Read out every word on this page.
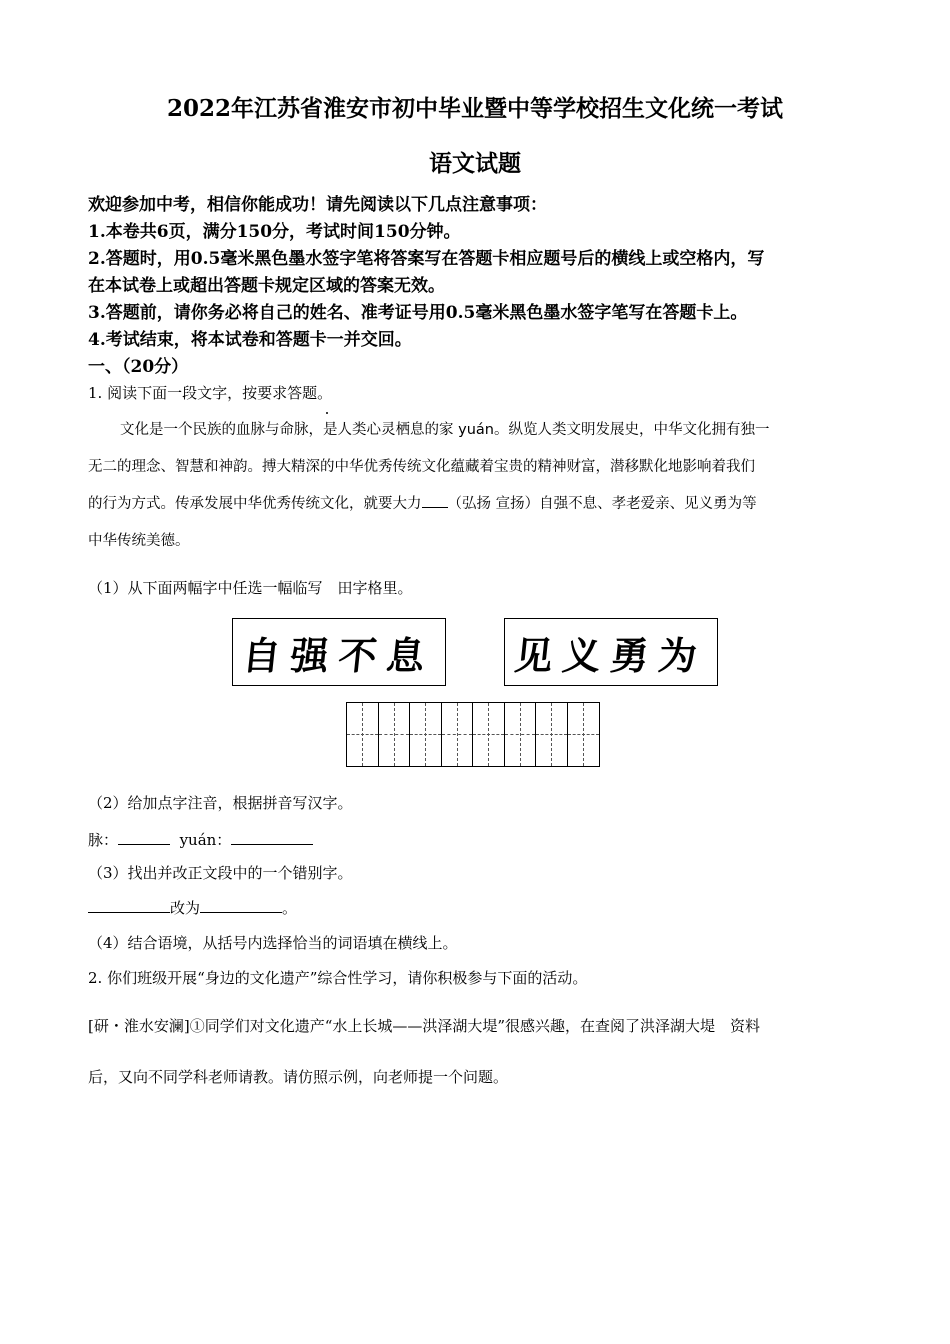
2022年江苏省淮安市初中毕业暨中等学校招生文化统一考试
语文试题
欢迎参加中考，相信你能成功！请先阅读以下几点注意事项：
1.本卷共6页，满分150分，考试时间150分钟。
2.答题时，用0.5毫米黑色墨水签字笔将答案写在答题卡相应题号后的横线上或空格内，写
在本试卷上或超出答题卡规定区域的答案无效。
3.答题前，请你务必将自己的姓名、准考证号用0.5毫米黑色墨水签字笔写在答题卡上。
4.考试结束，将本试卷和答题卡一并交回。
一、（20分）
1. 阅读下面一段文字，按要求答题。
文化是一个民族的血脉与命脉，是人类心灵栖息的家 yuán。纵览人类文明发展史，中华文化拥有独一
无二的理念、智慧和神韵。搏大精深的中华优秀传统文化蕴藏着宝贵的精神财富，潜移默化地影响着我们
的行为方式。传承发展中华优秀传统文化，就要大力 （弘扬 宣扬）自强不息、孝老爱亲、见义勇为等
中华传统美德。
（1）从下面两幅字中任选一幅临写　田字格里。
自强不息 见义勇为
（2）给加点字注音，根据拼音写汉字。
脉：	yuán：
（3）找出并改正文段中的一个错别字。
改为	。
（4）结合语境，从括号内选择恰当的词语填在横线上。
2. 你们班级开展“身边的文化遗产”综合性学习，请你积极参与下面的活动。
[研・淮水安澜]①同学们对文化遗产“水上长城——洪泽湖大堤”很感兴趣，在查阅了洪泽湖大堤　资料
后，又向不同学科老师请教。请仿照示例，向老师提一个问题。
